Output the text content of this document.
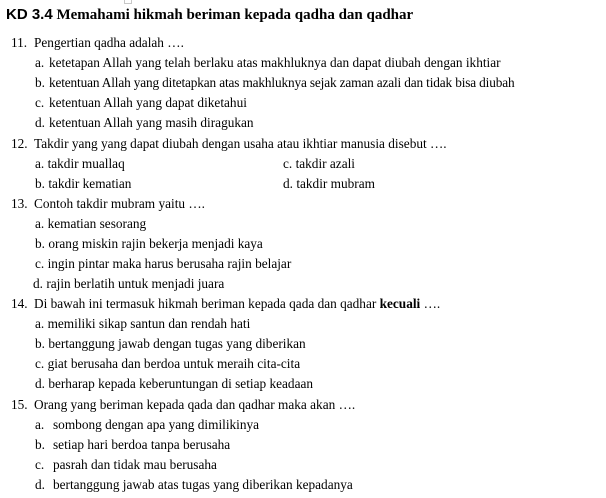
KD 3.4 Memahami hikmah beriman kepada qadha dan qadhar
11. Pengertian qadha adalah ….
a. ketetapan Allah yang telah berlaku atas makhluknya dan dapat diubah dengan ikhtiar
b. ketentuan Allah yang ditetapkan atas makhluknya sejak zaman azali dan tidak bisa diubah
c. ketentuan Allah yang dapat diketahui
d. ketentuan Allah yang masih diragukan
12. Takdir yang yang dapat diubah dengan usaha atau ikhtiar manusia disebut ….
a. takdir muallaq	c. takdir azali
b. takdir kematian	d. takdir mubram
13. Contoh takdir mubram yaitu ….
a. kematian sesorang
b. orang miskin rajin bekerja menjadi kaya
c. ingin pintar maka harus berusaha rajin belajar
d. rajin berlatih untuk menjadi juara
14. Di bawah ini termasuk hikmah beriman kepada qada dan qadhar kecuali ….
a. memiliki sikap santun dan rendah hati
b. bertanggung jawab dengan tugas yang diberikan
c. giat berusaha dan berdoa untuk meraih cita-cita
d. berharap kepada keberuntungan di setiap keadaan
15. Orang yang beriman kepada qada dan qadhar maka akan ….
a. sombong dengan apa yang dimilikinya
b. setiap hari berdoa tanpa berusaha
c. pasrah dan tidak mau berusaha
d. bertanggung jawab atas tugas yang diberikan kepadanya
